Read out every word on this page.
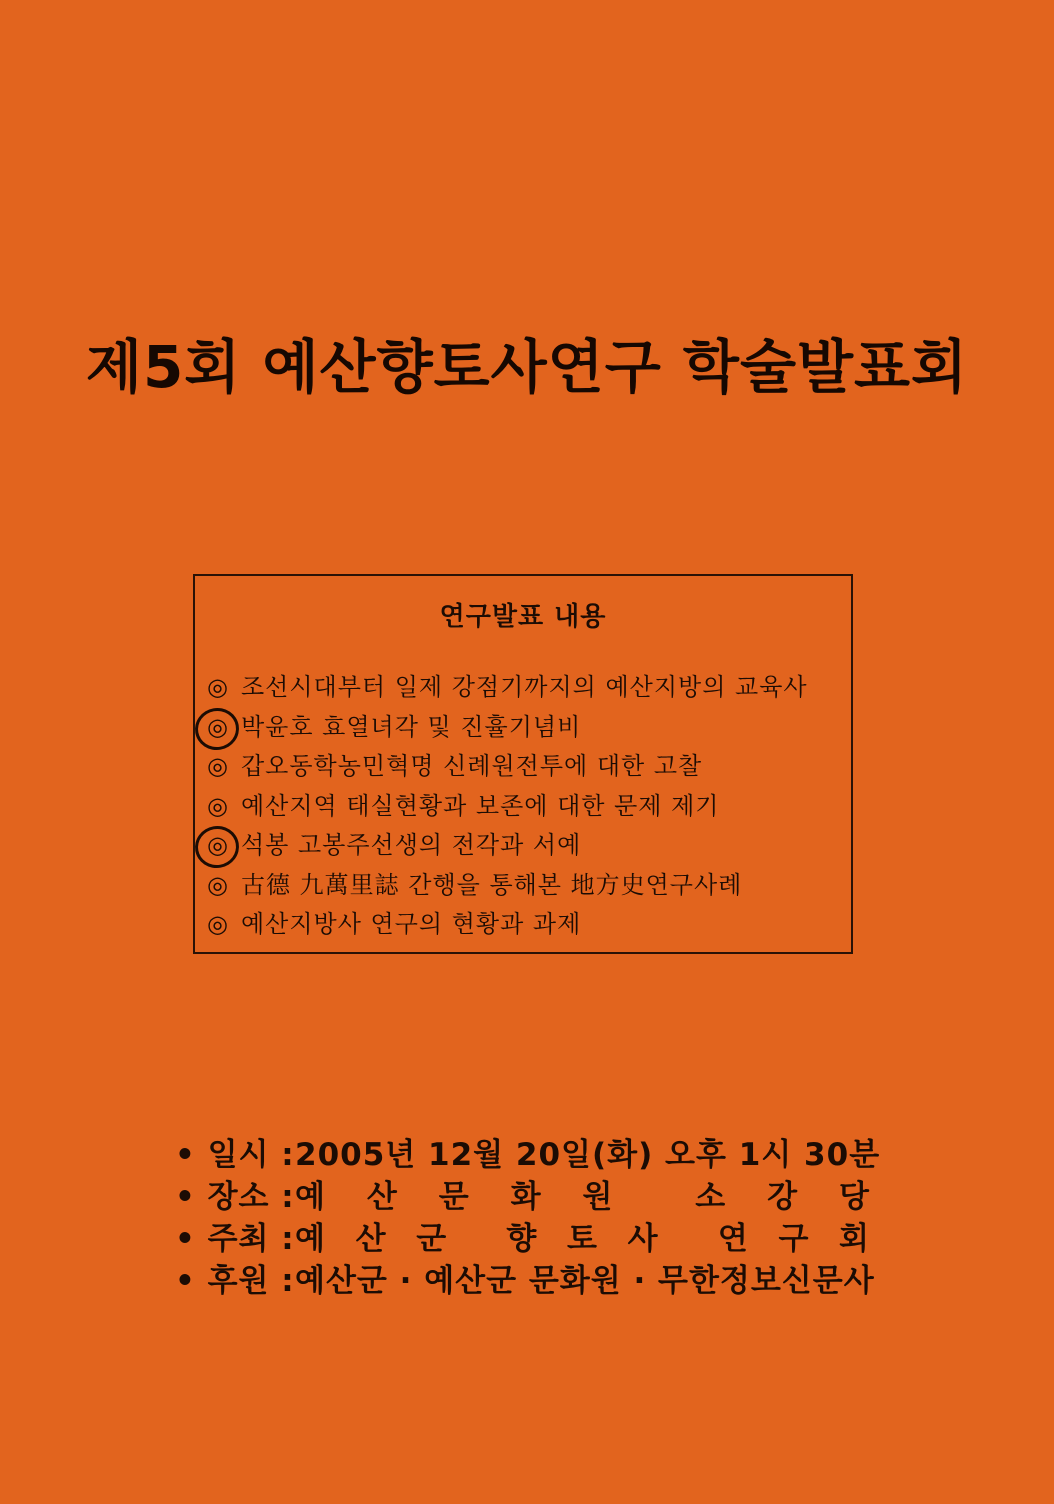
제5회 예산향토사연구 학술발표회
연구발표 내용
◎ 조선시대부터 일제 강점기까지의 예산지방의 교육사
◎ 박윤호 효열녀각 및 진휼기념비
◎ 갑오동학농민혁명 신례원전투에 대한 고찰
◎ 예산지역 태실현황과 보존에 대한 문제 제기
◎ 석봉 고봉주선생의 전각과 서예
◎ 古德 九萬里誌 간행을 통해본 地方史연구사례
◎ 예산지방사 연구의 현황과 과제
• 일시 : 2005년 12월 20일(화) 오후 1시 30분
• 장소 : 예 산 문 화 원	소 강 당
• 주최 : 예 산 군 향 토 사 연 구 회
• 후원 : 예산군 · 예산군 문화원 · 무한정보신문사
